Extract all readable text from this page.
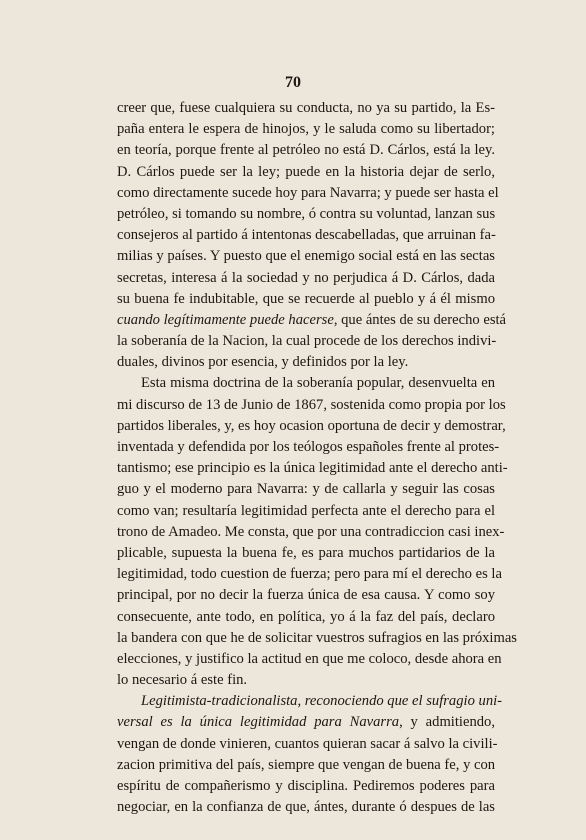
70
creer que, fuese cualquiera su conducta, no ya su partido, la Es-
paña entera le espera de hinojos, y le saluda como su libertador;
en teoría, porque frente al petróleo no está D. Cárlos, está la ley.
D. Cárlos puede ser la ley; puede en la historia dejar de serlo,
como directamente sucede hoy para Navarra; y puede ser hasta el
petróleo, si tomando su nombre, ó contra su voluntad, lanzan sus
consejeros al partido á intentonas descabelladas, que arruinan fa-
milias y países. Y puesto que el enemigo social está en las sectas
secretas, interesa á la sociedad y no perjudica á D. Cárlos, dada
su buena fe indubitable, que se recuerde al pueblo y á él mismo
cuando legítimamente puede hacerse, que ántes de su derecho está
la soberanía de la Nacion, la cual procede de los derechos indivi-
duales, divinos por esencia, y definidos por la ley.
Esta misma doctrina de la soberanía popular, desenvuelta en
mi discurso de 13 de Junio de 1867, sostenida como propia por los
partidos liberales, y, es hoy ocasion oportuna de decir y demostrar,
inventada y defendida por los teólogos españoles frente al protes-
tantismo; ese principio es la única legitimidad ante el derecho anti-
guo y el moderno para Navarra: y de callarla y seguir las cosas
como van; resultaría legitimidad perfecta ante el derecho para el
trono de Amadeo. Me consta, que por una contradiccion casi inex-
plicable, supuesta la buena fe, es para muchos partidarios de la
legitimidad, todo cuestion de fuerza; pero para mí el derecho es la
principal, por no decir la fuerza única de esa causa. Y como soy
consecuente, ante todo, en política, yo á la faz del país, declaro
la bandera con que he de solicitar vuestros sufragios en las próximas
elecciones, y justifico la actitud en que me coloco, desde ahora en
lo necesario á este fin.
Legitimista-tradicionalista, reconociendo que el sufragio uni-
versal es la única legitimidad para Navarra, y admitiendo,
vengan de donde vinieren, cuantos quieran sacar á salvo la civili-
zacion primitiva del país, siempre que vengan de buena fe, y con
espíritu de compañerismo y disciplina. Pediremos poderes para
negociar, en la confianza de que, ántes, durante ó despues de las
